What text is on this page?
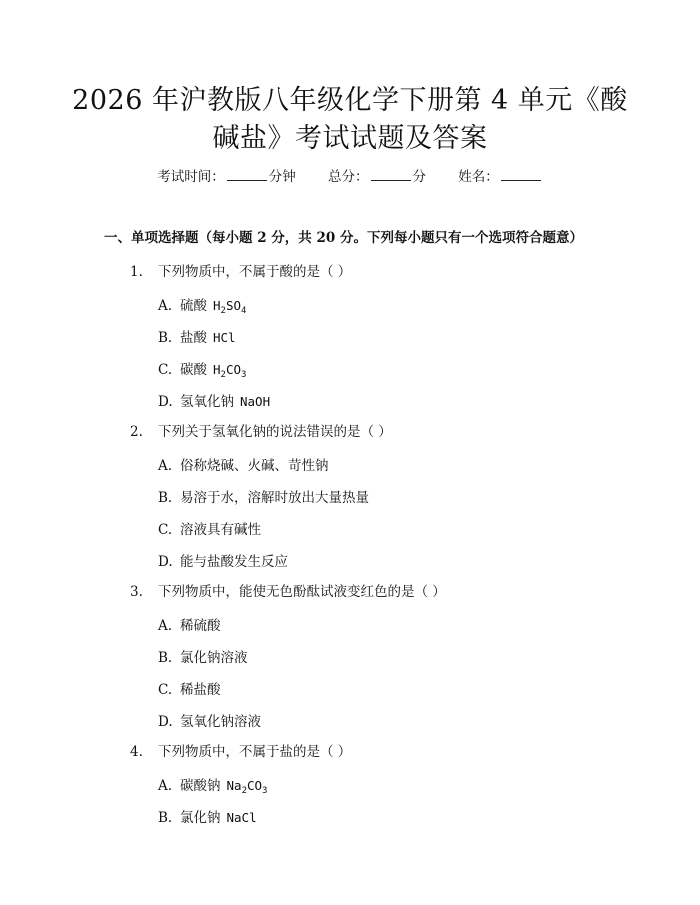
2026 年沪教版八年级化学下册第 4 单元《酸
碱盐》考试试题及答案
考试时间：	分钟 总分：	分 姓名：
一、单项选择题（每小题 2 分，共 20 分。下列每小题只有一个选项符合题意）
1. 下列物质中，不属于酸的是（ ）
A. 硫酸 $H_2SO_4$
B. 盐酸 HCl
C. 碳酸 $H_2CO_3$
D. 氢氧化钠 NaOH
2. 下列关于氢氧化钠的说法错误的是（ ）
A. 俗称烧碱、火碱、苛性钠
B. 易溶于水，溶解时放出大量热量
C. 溶液具有碱性
D. 能与盐酸发生反应
3. 下列物质中，能使无色酚酞试液变红色的是（ ）
A. 稀硫酸
B. 氯化钠溶液
C. 稀盐酸
D. 氢氧化钠溶液
4. 下列物质中，不属于盐的是（ ）
A. 碳酸钠 $Na_2CO_3$
B. 氯化钠 NaCl
